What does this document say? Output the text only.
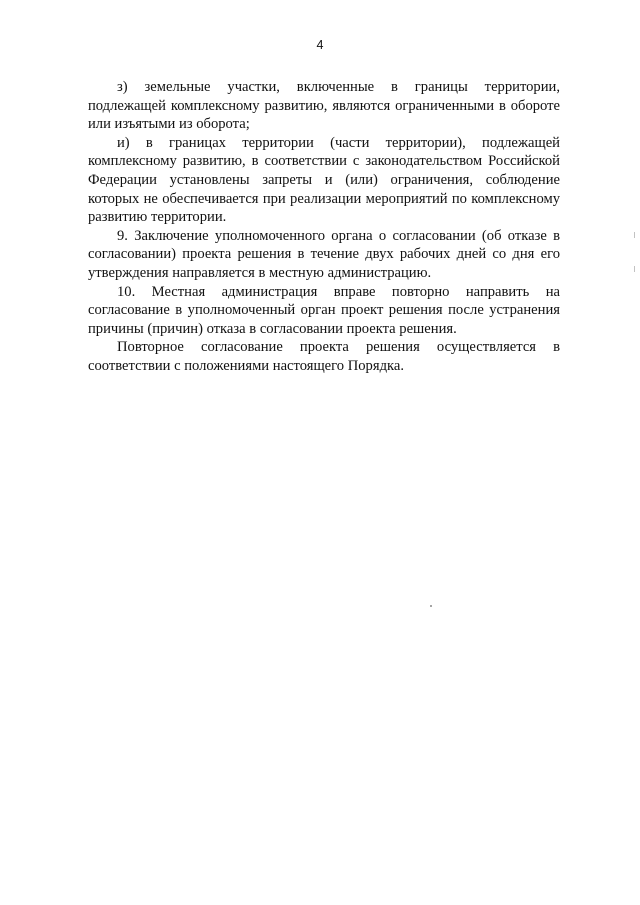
4

з) земельные участки, включенные в границы территории, подлежащей комплексному развитию, являются ограниченными в обороте или изъятыми из оборота;

и) в границах территории (части территории), подлежащей комплексному развитию, в соответствии с законодательством Российской Федерации установлены запреты и (или) ограничения, соблюдение которых не обеспечивается при реализации мероприятий по комплексному развитию территории.

9. Заключение уполномоченного органа о согласовании (об отказе в согласовании) проекта решения в течение двух рабочих дней со дня его утверждения направляется в местную администрацию.

10. Местная администрация вправе повторно направить на согласование в уполномоченный орган проект решения после устранения причины (причин) отказа в согласовании проекта решения.

Повторное согласование проекта решения осуществляется в соответствии с положениями настоящего Порядка.
